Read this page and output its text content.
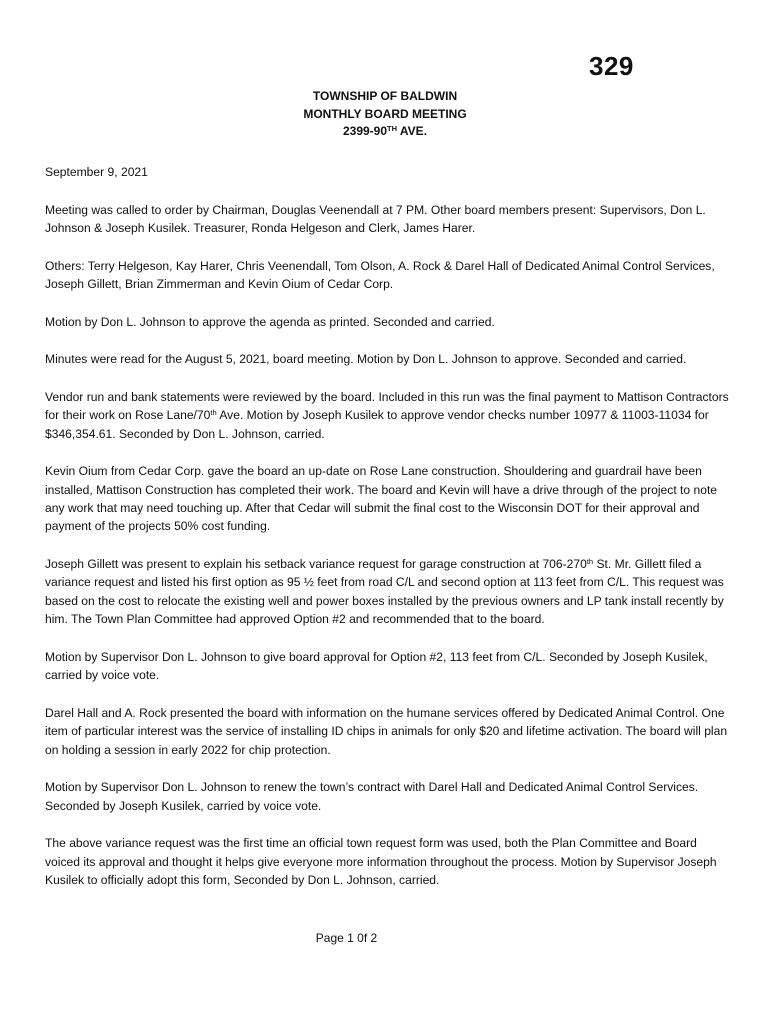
329
TOWNSHIP OF BALDWIN
MONTHLY BOARD MEETING
2399-90TH AVE.

September 9, 2021

Meeting was called to order by Chairman, Douglas Veenendall at 7 PM. Other board members present: Supervisors, Don L. Johnson & Joseph Kusilek. Treasurer, Ronda Helgeson and Clerk, James Harer.

Others: Terry Helgeson, Kay Harer, Chris Veenendall, Tom Olson, A. Rock & Darel Hall of Dedicated Animal Control Services, Joseph Gillett, Brian Zimmerman and Kevin Oium of Cedar Corp.

Motion by Don L. Johnson to approve the agenda as printed. Seconded and carried.

Minutes were read for the August 5, 2021, board meeting. Motion by Don L. Johnson to approve. Seconded and carried.

Vendor run and bank statements were reviewed by the board. Included in this run was the final payment to Mattison Contractors for their work on Rose Lane/70th Ave. Motion by Joseph Kusilek to approve vendor checks number 10977 & 11003-11034 for $346,354.61. Seconded by Don L. Johnson, carried.

Kevin Oium from Cedar Corp. gave the board an up-date on Rose Lane construction. Shouldering and guardrail have been installed, Mattison Construction has completed their work. The board and Kevin will have a drive through of the project to note any work that may need touching up. After that Cedar will submit the final cost to the Wisconsin DOT for their approval and payment of the projects 50% cost funding.

Joseph Gillett was present to explain his setback variance request for garage construction at 706-270th St. Mr. Gillett filed a variance request and listed his first option as 95 ½ feet from road C/L and second option at 113 feet from C/L. This request was based on the cost to relocate the existing well and power boxes installed by the previous owners and LP tank install recently by him. The Town Plan Committee had approved Option #2 and recommended that to the board.

Motion by Supervisor Don L. Johnson to give board approval for Option #2, 113 feet from C/L. Seconded by Joseph Kusilek, carried by voice vote.

Darel Hall and A. Rock presented the board with information on the humane services offered by Dedicated Animal Control. One item of particular interest was the service of installing ID chips in animals for only $20 and lifetime activation. The board will plan on holding a session in early 2022 for chip protection.

Motion by Supervisor Don L. Johnson to renew the town’s contract with Darel Hall and Dedicated Animal Control Services. Seconded by Joseph Kusilek, carried by voice vote.

The above variance request was the first time an official town request form was used, both the Plan Committee and Board voiced its approval and thought it helps give everyone more information throughout the process. Motion by Supervisor Joseph Kusilek to officially adopt this form, Seconded by Don L. Johnson, carried.

Page 1 0f 2
